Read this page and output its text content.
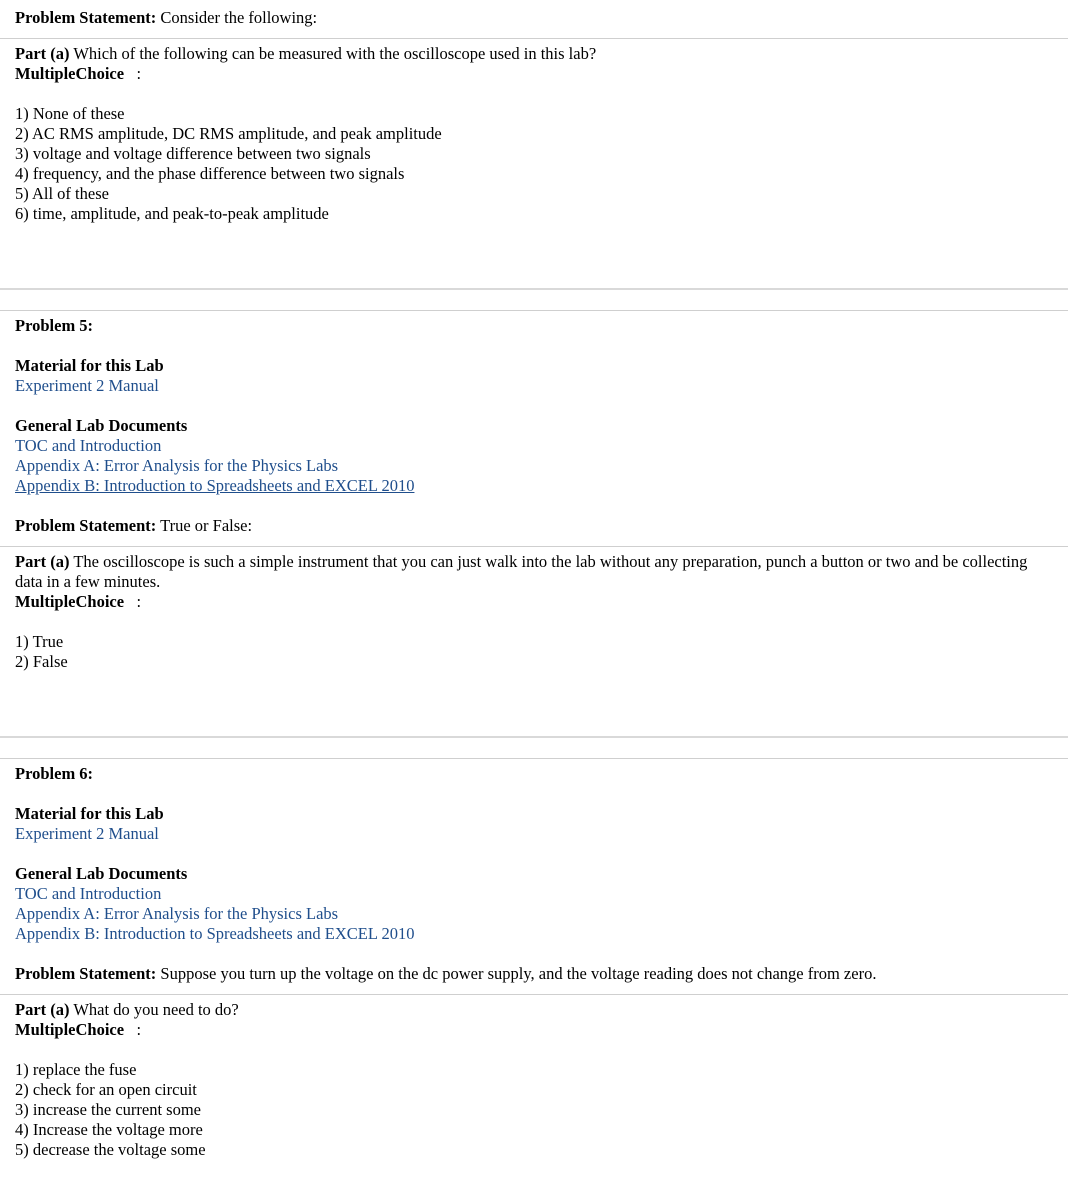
Problem Statement: Consider the following:
Part (a) Which of the following can be measured with the oscilloscope used in this lab?
MultipleChoice :
1) None of these
2) AC RMS amplitude, DC RMS amplitude, and peak amplitude
3) voltage and voltage difference between two signals
4) frequency, and the phase difference between two signals
5) All of these
6) time, amplitude, and peak-to-peak amplitude
Problem 5:
Material for this Lab
Experiment 2 Manual
General Lab Documents
TOC and Introduction
Appendix A: Error Analysis for the Physics Labs
Appendix B: Introduction to Spreadsheets and EXCEL 2010
Problem Statement: True or False:
Part (a) The oscilloscope is such a simple instrument that you can just walk into the lab without any preparation, punch a button or two and be collecting data in a few minutes.
MultipleChoice :
1) True
2) False
Problem 6:
Material for this Lab
Experiment 2 Manual
General Lab Documents
TOC and Introduction
Appendix A: Error Analysis for the Physics Labs
Appendix B: Introduction to Spreadsheets and EXCEL 2010
Problem Statement: Suppose you turn up the voltage on the dc power supply, and the voltage reading does not change from zero.
Part (a) What do you need to do?
MultipleChoice :
1) replace the fuse
2) check for an open circuit
3) increase the current some
4) Increase the voltage more
5) decrease the voltage some
